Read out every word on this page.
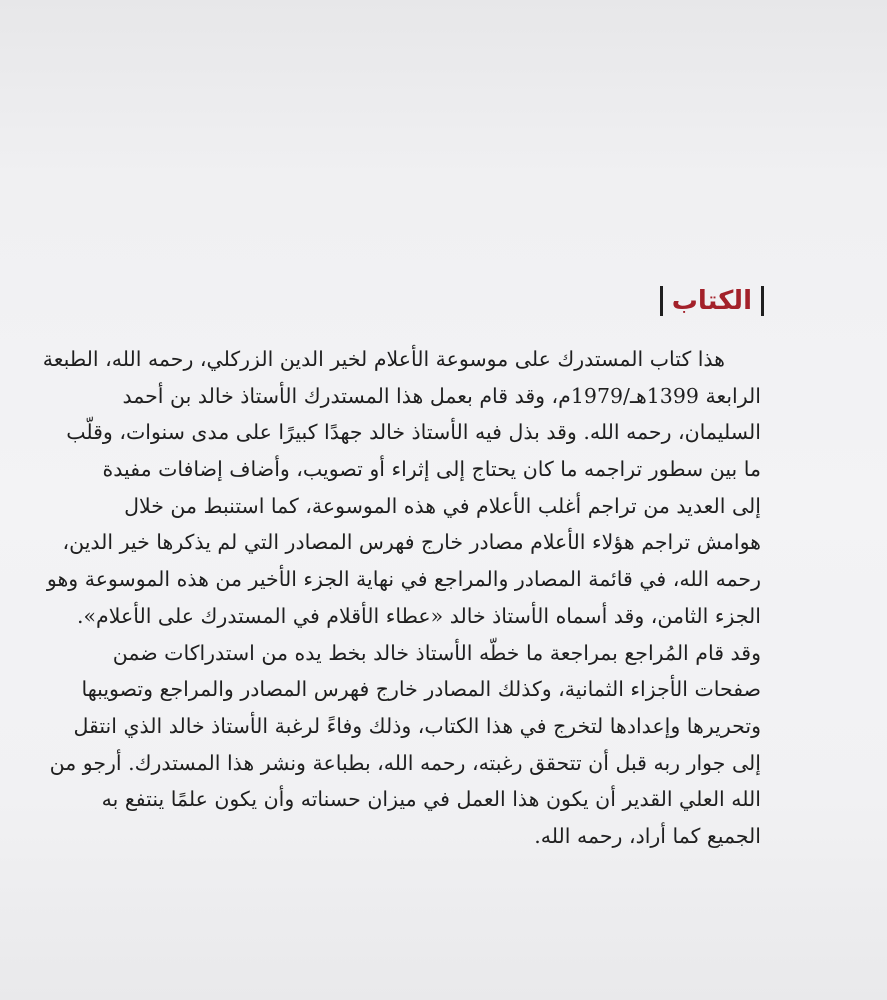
الكتاب
هذا كتاب المستدرك على موسوعة الأعلام لخير الدين الزركلي، رحمه الله، الطبعة
الرابعة 1399هـ/1979م، وقد قام بعمل هذا المستدرك الأستاذ خالد بن أحمد
السليمان، رحمه الله. وقد بذل فيه الأستاذ خالد جهدًا كبيرًا على مدى سنوات، وقلّب
ما بين سطور تراجمه ما كان يحتاج إلى إثراء أو تصويب، وأضاف إضافات مفيدة
إلى العديد من تراجم أغلب الأعلام في هذه الموسوعة، كما استنبط من خلال
هوامش تراجم هؤلاء الأعلام مصادر خارج فهرس المصادر التي لم يذكرها خير الدين،
رحمه الله، في قائمة المصادر والمراجع في نهاية الجزء الأخير من هذه الموسوعة وهو
الجزء الثامن، وقد أسماه الأستاذ خالد «عطاء الأقلام في المستدرك على الأعلام».
وقد قام المُراجع بمراجعة ما خطّه الأستاذ خالد بخط يده من استدراكات ضمن
صفحات الأجزاء الثمانية، وكذلك المصادر خارج فهرس المصادر والمراجع وتصويبها
وتحريرها وإعدادها لتخرج في هذا الكتاب، وذلك وفاءً لرغبة الأستاذ خالد الذي انتقل
إلى جوار ربه قبل أن تتحقق رغبته، رحمه الله، بطباعة ونشر هذا المستدرك. أرجو من
الله العلي القدير أن يكون هذا العمل في ميزان حسناته وأن يكون علمًا ينتفع به
الجميع كما أراد، رحمه الله.
